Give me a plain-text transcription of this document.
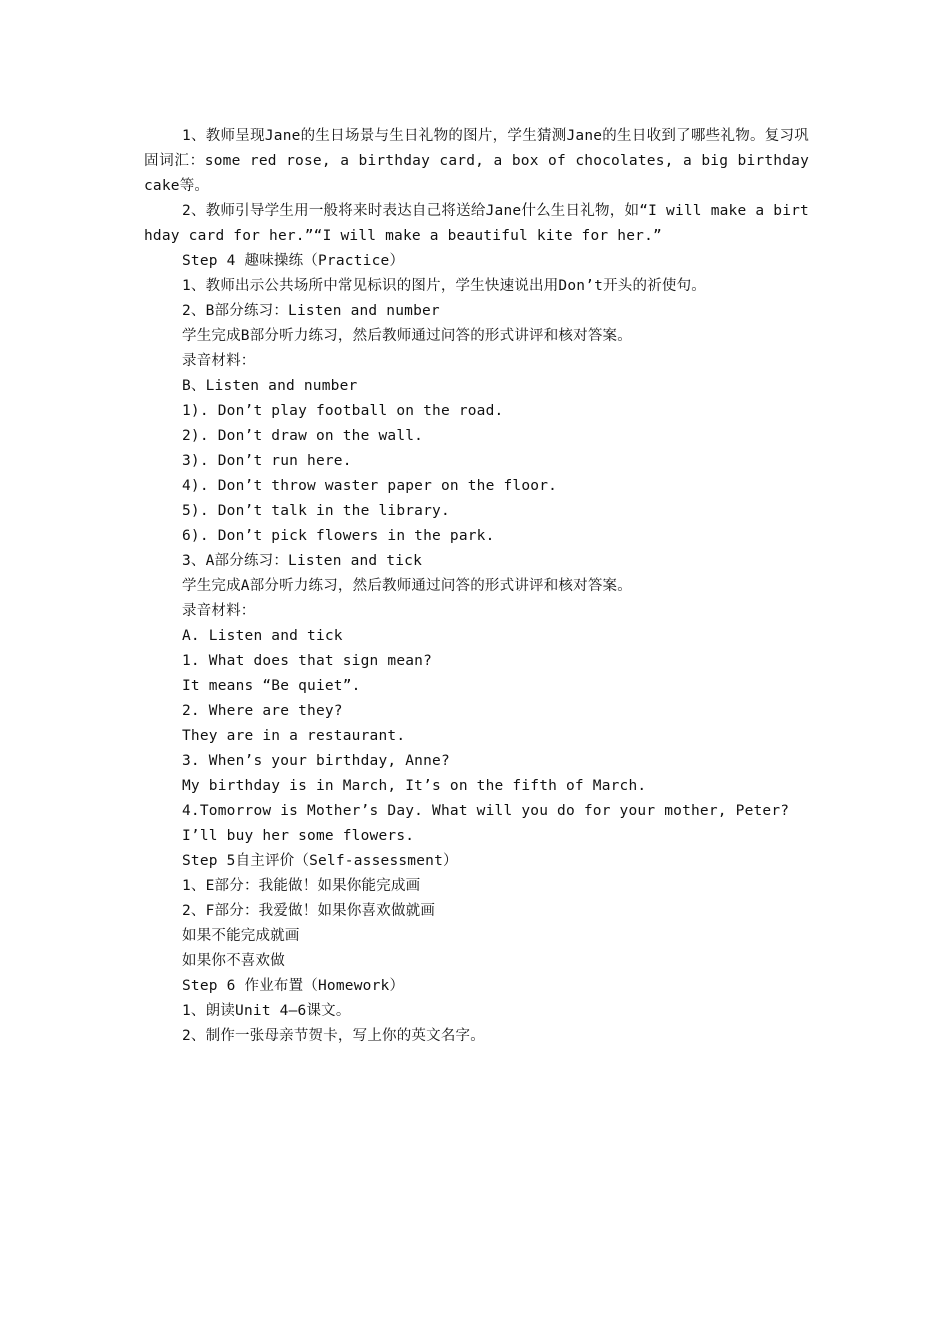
1、教师呈现Jane的生日场景与生日礼物的图片，学生猜测Jane的生日收到了哪些礼物。复习巩固词汇：some red rose, a birthday card, a box of chocolates, a big birthday cake等。

2、教师引导学生用一般将来时表达自己将送给Jane什么生日礼物，如“I will make a birthday card for her.”“I will make a beautiful kite for her.”

Step 4 趣味操练（Practice）

1、教师出示公共场所中常见标识的图片，学生快速说出用Don’t开头的祈使句。

2、B部分练习：Listen and number

学生完成B部分听力练习，然后教师通过问答的形式讲评和核对答案。

录音材料：

B、Listen and number

1). Don’t play football on the road.

2). Don’t draw on the wall.

3). Don’t run here.

4). Don’t throw waster paper on the floor.

5). Don’t talk in the library.

6). Don’t pick flowers in the park.

3、A部分练习：Listen and tick

学生完成A部分听力练习，然后教师通过问答的形式讲评和核对答案。

录音材料：

A. Listen and tick

1. What does that sign mean?

It means “Be quiet”.

2. Where are they?

They are in a restaurant.

3. When’s your birthday, Anne?

My birthday is in March, It’s on the fifth of March.

4.Tomorrow is Mother’s Day. What will you do for your mother, Peter?

I’ll buy her some flowers.

Step 5自主评价（Self-assessment）

1、E部分：我能做！如果你能完成画

2、F部分：我爱做！如果你喜欢做就画

如果不能完成就画

如果你不喜欢做

Step 6 作业布置（Homework）

1、朗读Unit 4—6课文。

2、制作一张母亲节贺卡，写上你的英文名字。
